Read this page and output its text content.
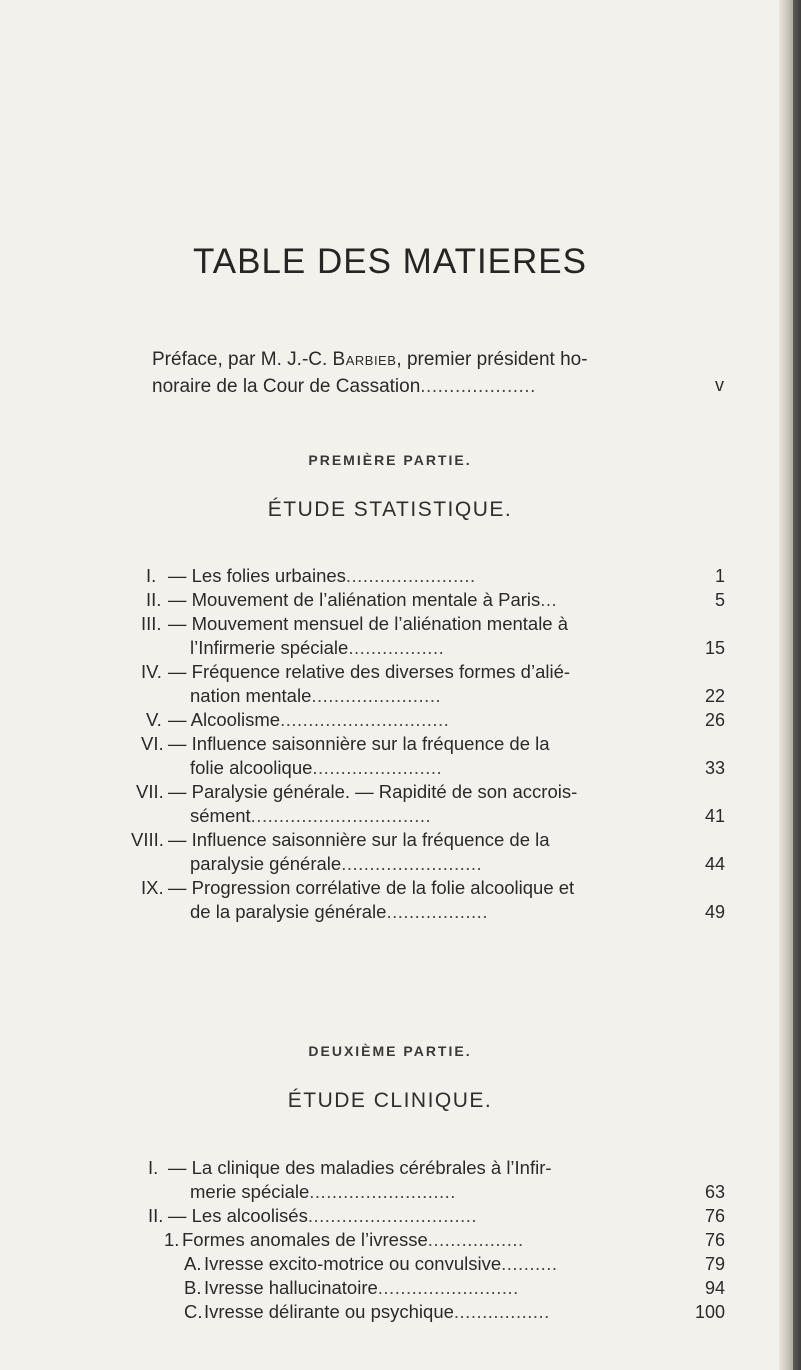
TABLE DES MATIERES
Préface, par M. J.-C. Barbieb, premier président ho-
noraire de la Cour de Cassation....................	v
PREMIÈRE PARTIE.
ÉTUDE STATISTIQUE.
I. — Les folies urbaines.......................	1
II. — Mouvement de l’aliénation mentale à Paris...	5
III. — Mouvement mensuel de l’aliénation mentale à
l’Infirmerie spéciale.................	15
IV. — Fréquence relative des diverses formes d’alié-
nation mentale.......................	22
V. — Alcoolisme..............................	26
VI. — Influence saisonnière sur la fréquence de la
folie alcoolique.......................	33
VII. — Paralysie générale. — Rapidité de son accrois-
sément................................	41
VIII. — Influence saisonnière sur la fréquence de la
paralysie générale.........................	44
IX. — Progression corrélative de la folie alcoolique et
de la paralysie générale..................	49
DEUXIÈME PARTIE.
ÉTUDE CLINIQUE.
I. — La clinique des maladies cérébrales à l’Infir-
merie spéciale..........................	63
II. — Les alcoolisés..............................	76
1. Formes anomales de l’ivresse.................	76
A. Ivresse excito-motrice ou convulsive..........	79
B. Ivresse hallucinatoire.........................	94
C. Ivresse délirante ou psychique.................	100
